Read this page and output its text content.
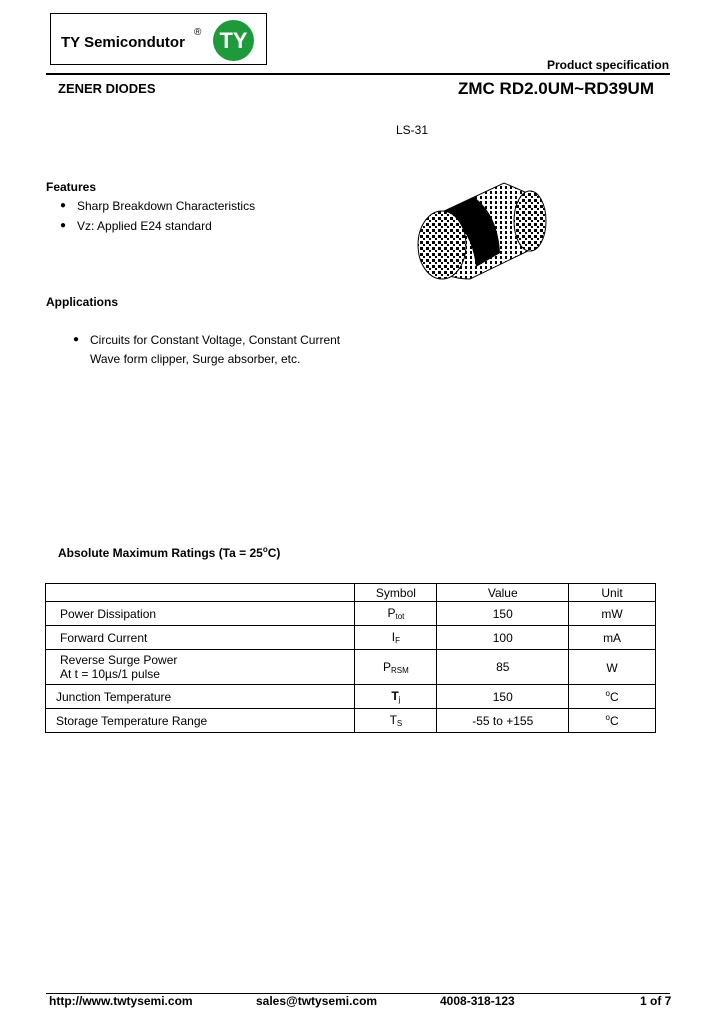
TY Semicondutor
® TY
Product specification
ZENER DIODES	ZMC RD2.0UM~RD39UM
LS-31
Features
● Sharp Breakdown Characteristics
● Vz: Applied E24 standard
Applications
● Circuits for Constant Voltage, Constant Current
Wave form clipper, Surge absorber, etc.
Absolute Maximum Ratings $(Ta = 25^oC)$
	Symbol	Value	Unit
Power Dissipation	$P_{tot}$	150	mW
Forward Current	$I_F$	100	mA

Reverse Surge Power
At t = 10µs/1 pulse	$P_{RSM}$	85	W
Junction Temperature	$T_j$	150	$^o$C
Storage Temperature Range	$T_S$	-55 to +155	$^o$C
http://www.twtysemi.com	sales@twtysemi.com	4008-318-123	1 of 7
